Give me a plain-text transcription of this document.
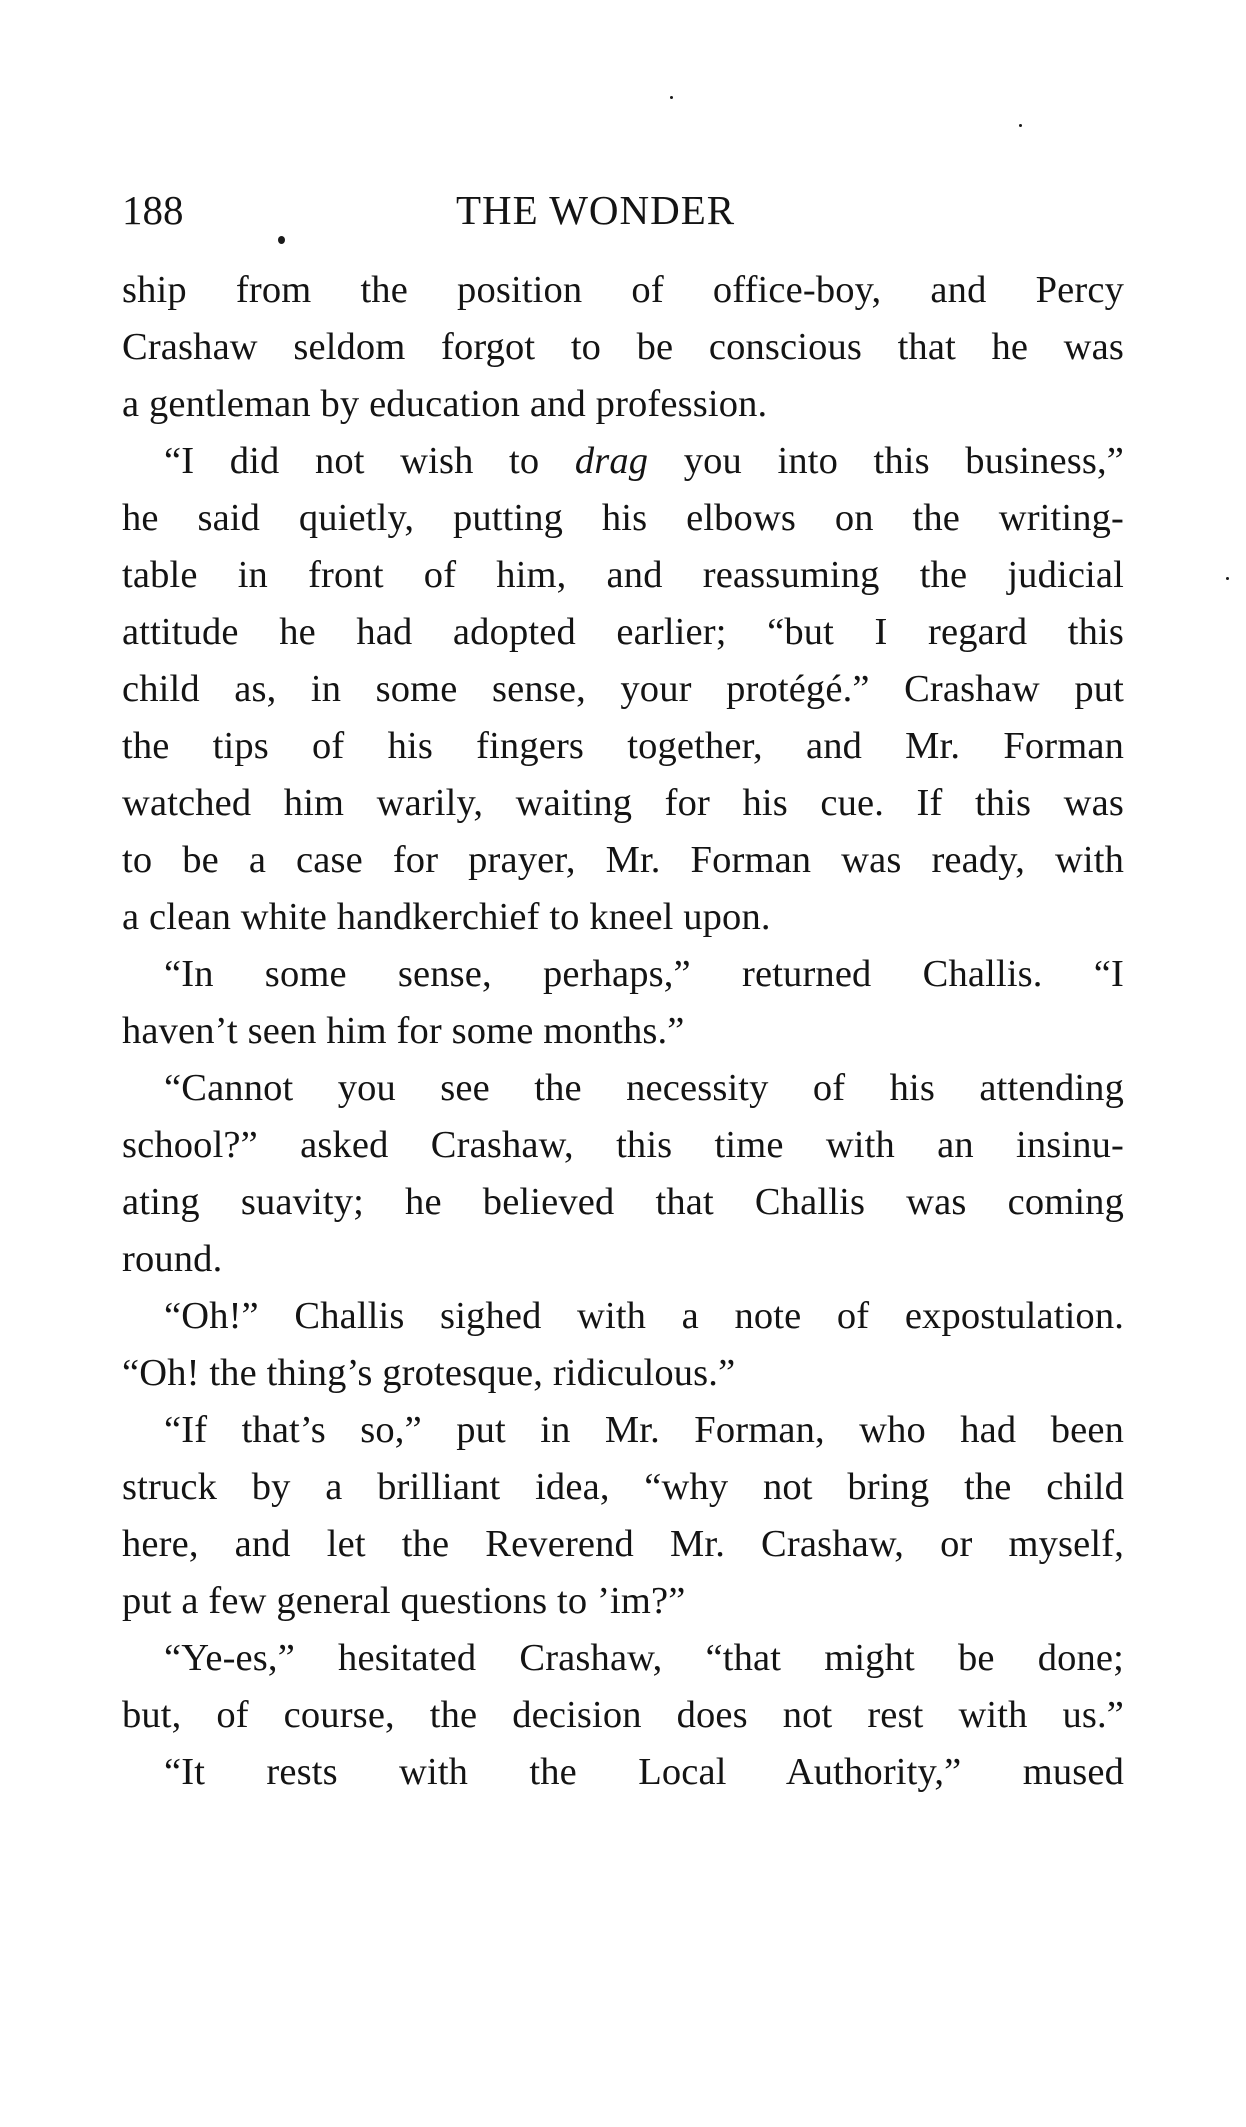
188	THE WONDER
ship from the position of office-boy, and Percy
Crashaw seldom forgot to be conscious that he was
a gentleman by education and profession.
“I did not wish to drag you into this business,”
he said quietly, putting his elbows on the writing-
table in front of him, and reassuming the judicial
attitude he had adopted earlier; “but I regard this
child as, in some sense, your protégé.” Crashaw put
the tips of his fingers together, and Mr. Forman
watched him warily, waiting for his cue. If this was
to be a case for prayer, Mr. Forman was ready, with
a clean white handkerchief to kneel upon.
“In some sense, perhaps,” returned Challis. “I
haven’t seen him for some months.”
“Cannot you see the necessity of his attending
school?” asked Crashaw, this time with an insinu-
ating suavity; he believed that Challis was coming
round.
“Oh!” Challis sighed with a note of expostulation.
“Oh! the thing’s grotesque, ridiculous.”
“If that’s so,” put in Mr. Forman, who had been
struck by a brilliant idea, “why not bring the child
here, and let the Reverend Mr. Crashaw, or myself,
put a few general questions to ’im?”
“Ye-es,” hesitated Crashaw, “that might be done;
but, of course, the decision does not rest with us.”
“It rests with the Local Authority,” mused
